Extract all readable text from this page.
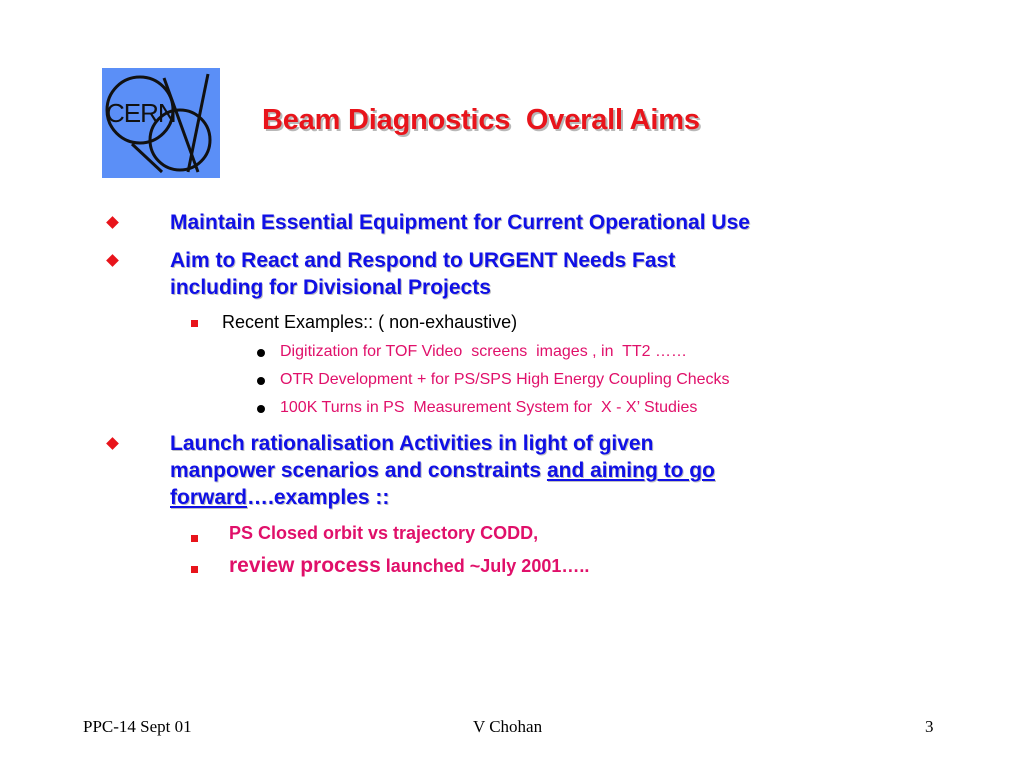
CERN	Beam Diagnostics  Overall Aims
Maintain Essential Equipment for Current Operational Use
Aim to React and Respond to URGENT Needs Fast
including for Divisional Projects
Recent Examples:: ( non-exhaustive)
Digitization for TOF Video  screens  images , in  TT2 ……
OTR Development + for PS/SPS High Energy Coupling Checks
100K Turns in PS  Measurement System for  X - X’ Studies
Launch rationalisation Activities in light of given
manpower scenarios and constraints and aiming to go
forward….examples ::
PS Closed orbit vs trajectory CODD,
review process launched ~July 2001…..
PPC-14 Sept 01	V Chohan	3
